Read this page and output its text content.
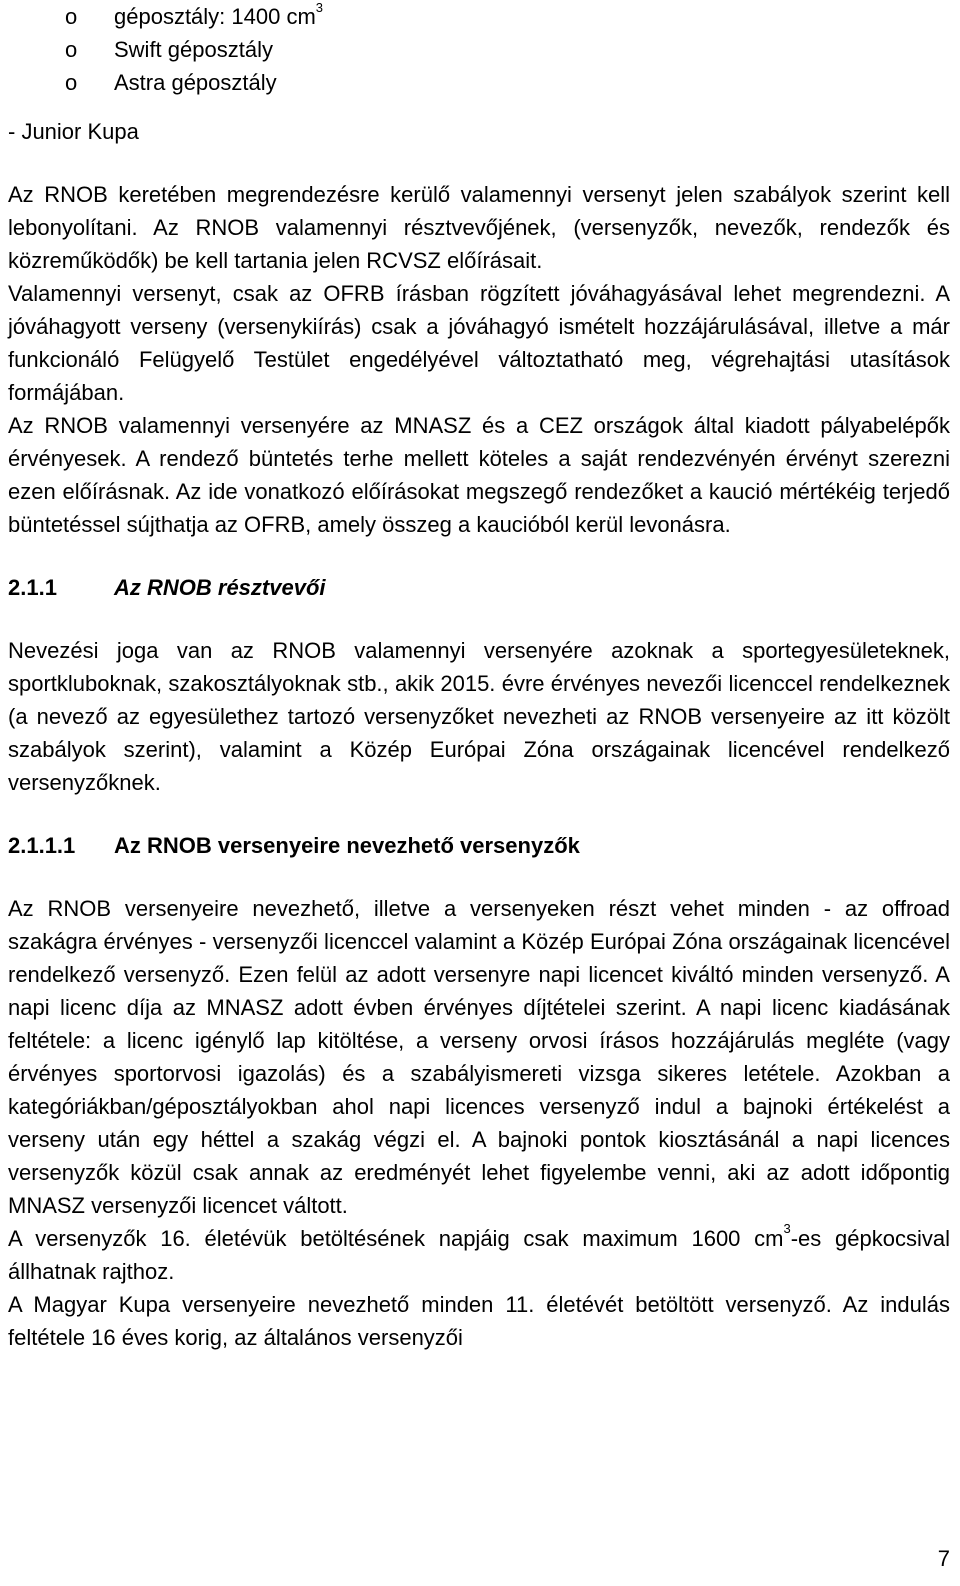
o géposztály: 1400 $cm^3$
o Swift géposztály
o Astra géposztály
- Junior Kupa

Az RNOB keretében megrendezésre kerülő valamennyi versenyt jelen szabályok szerint kell lebonyolítani. Az RNOB valamennyi résztvevőjének, (versenyzők, nevezők, rendezők és közreműködők) be kell tartania jelen RCVSZ előírásait.
Valamennyi versenyt, csak az OFRB írásban rögzített jóváhagyásával lehet megrendezni. A jóváhagyott verseny (versenykiírás) csak a jóváhagyó ismételt hozzájárulásával, illetve a már funkcionáló Felügyelő Testület engedélyével változtatható meg, végrehajtási utasítások formájában.
Az RNOB valamennyi versenyére az MNASZ és a CEZ országok által kiadott pályabelépők érvényesek. A rendező büntetés terhe mellett köteles a saját rendezvényén érvényt szerezni ezen előírásnak. Az ide vonatkozó előírásokat megszegő rendezőket a kaució mértékéig terjedő büntetéssel sújthatja az OFRB, amely összeg a kaucióból kerül levonásra.

2.1.1	Az RNOB résztvevői

Nevezési joga van az RNOB valamennyi versenyére azoknak a sportegyesületeknek, sportkluboknak, szakosztályoknak stb., akik 2015. évre érvényes nevezői licenccel rendelkeznek (a nevező az egyesülethez tartozó versenyzőket nevezheti az RNOB versenyeire az itt közölt szabályok szerint), valamint a Közép Európai Zóna országainak licencével rendelkező versenyzőknek.

2.1.1.1 Az RNOB versenyeire nevezhető versenyzők

Az RNOB versenyeire nevezhető, illetve a versenyeken részt vehet minden - az offroad szakágra érvényes - versenyzői licenccel valamint a Közép Európai Zóna országainak licencével rendelkező versenyző. Ezen felül az adott versenyre napi licencet kiváltó minden versenyző. A napi licenc díja az MNASZ adott évben érvényes díjtételei szerint. A napi licenc kiadásának feltétele: a licenc igénylő lap kitöltése, a verseny orvosi írásos hozzájárulás megléte (vagy érvényes sportorvosi igazolás) és a szabályismereti vizsga sikeres letétele. Azokban a kategóriákban/géposztályokban ahol napi licences versenyző indul a bajnoki értékelést a verseny után egy héttel a szakág végzi el. A bajnoki pontok kiosztásánál a napi licences versenyzők közül csak annak az eredményét lehet figyelembe venni, aki az adott időpontig MNASZ versenyzői licencet váltott.

A versenyzők 16. életévük betöltésének napjáig csak maximum 1600 $cm^3-es$ gépkocsival állhatnak rajthoz.

A Magyar Kupa versenyeire nevezhető minden 11. életévét betöltött versenyző. Az indulás feltétele 16 éves korig, az általános versenyzői

7
